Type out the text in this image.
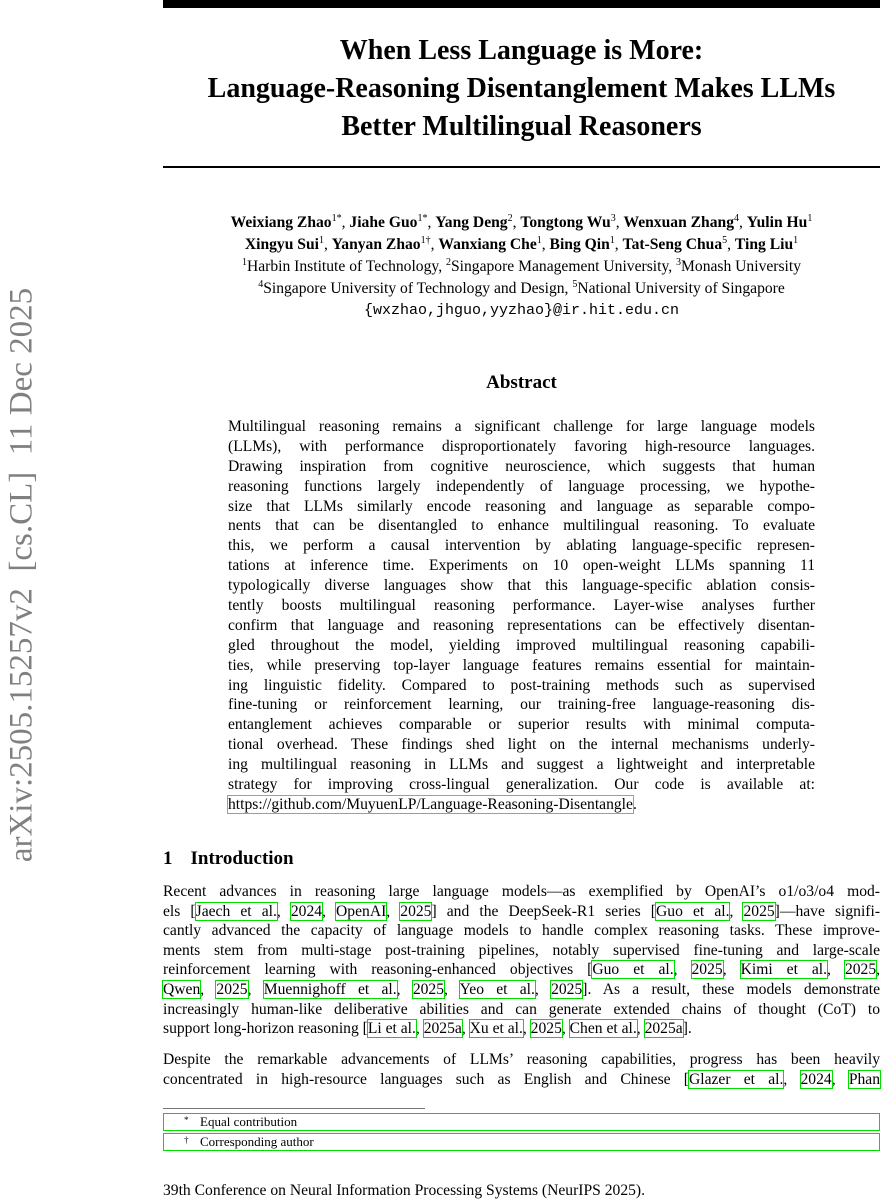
arXiv:2505.15257v2  [cs.CL]  11 Dec 2025
When Less Language is More:
Language-Reasoning Disentanglement Makes LLMs
Better Multilingual Reasoners
Weixiang Zhao$^{1*}$, Jiahe Guo$^{1*}$, Yang Deng$^2$, Tongtong Wu$^3$, Wenxuan Zhang$^4$, Yulin Hu$^1$
Xingyu Sui$^1$, Yanyan Zhao$^{1\dagger}$, Wanxiang Che$^1$, Bing Qin$^1$, Tat-Seng Chua$^5$, Ting Liu$^1$
$^1$Harbin Institute of Technology, $^2$Singapore Management University, $^3$Monash University
$^4$Singapore University of Technology and Design, $^5$National University of Singapore
{wxzhao,jhguo,yyzhao}@ir.hit.edu.cn
Abstract
Multilingual reasoning remains a significant challenge for large language models
(LLMs), with performance disproportionately favoring high-resource languages.
Drawing inspiration from cognitive neuroscience, which suggests that human
reasoning functions largely independently of language processing, we hypothe-
size that LLMs similarly encode reasoning and language as separable compo-
nents that can be disentangled to enhance multilingual reasoning. To evaluate
this, we perform a causal intervention by ablating language-specific represen-
tations at inference time. Experiments on 10 open-weight LLMs spanning 11
typologically diverse languages show that this language-specific ablation consis-
tently boosts multilingual reasoning performance. Layer-wise analyses further
confirm that language and reasoning representations can be effectively disentan-
gled throughout the model, yielding improved multilingual reasoning capabili-
ties, while preserving top-layer language features remains essential for maintain-
ing linguistic fidelity. Compared to post-training methods such as supervised
fine-tuning or reinforcement learning, our training-free language-reasoning dis-
entanglement achieves comparable or superior results with minimal computa-
tional overhead. These findings shed light on the internal mechanisms underly-
ing multilingual reasoning in LLMs and suggest a lightweight and interpretable
strategy for improving cross-lingual generalization. Our code is available at:
https://github.com/MuyuenLP/Language-Reasoning-Disentangle.
1 Introduction
Recent advances in reasoning large language models—as exemplified by OpenAI’s o1/o3/o4 mod-
els [Jaech et al., 2024, OpenAI, 2025] and the DeepSeek-R1 series [Guo et al., 2025]—have signifi-
cantly advanced the capacity of language models to handle complex reasoning tasks. These improve-
ments stem from multi-stage post-training pipelines, notably supervised fine-tuning and large-scale
reinforcement learning with reasoning-enhanced objectives [Guo et al., 2025, Kimi et al., 2025,
Qwen, 2025, Muennighoff et al., 2025, Yeo et al., 2025]. As a result, these models demonstrate
increasingly human-like deliberative abilities and can generate extended chains of thought (CoT) to
support long-horizon reasoning [Li et al., 2025a, Xu et al., 2025, Chen et al., 2025a].
Despite the remarkable advancements of LLMs’ reasoning capabilities, progress has been heavily
concentrated in high-resource languages such as English and Chinese [Glazer et al., 2024, Phan
* Equal contribution
† Corresponding author
39th Conference on Neural Information Processing Systems (NeurIPS 2025).
